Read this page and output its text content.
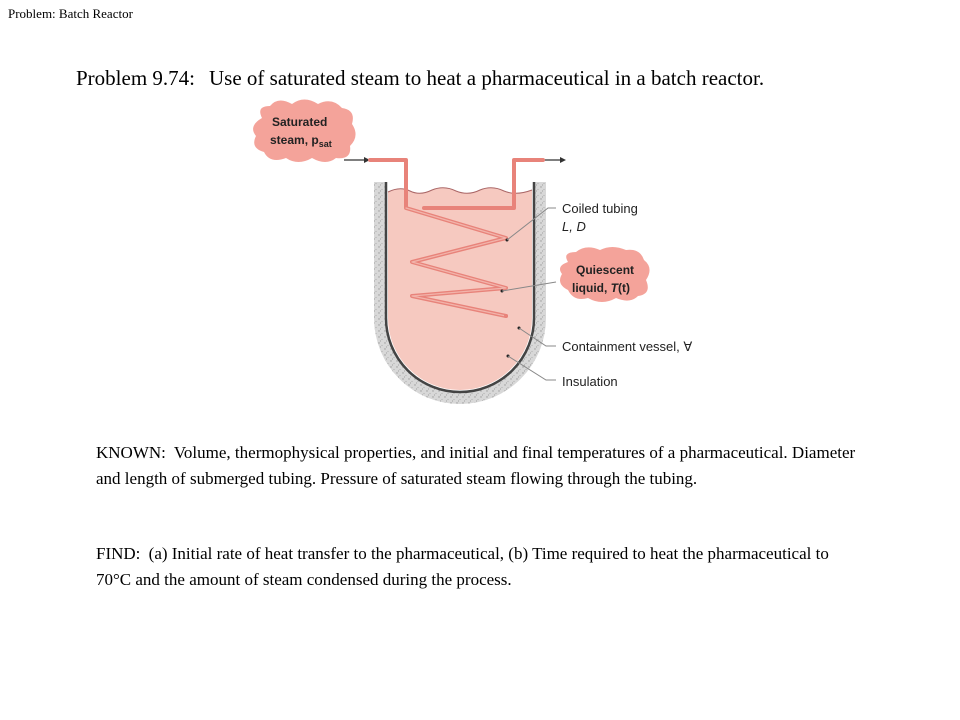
Problem: Batch Reactor
Problem 9.74: Use of saturated steam to heat a pharmaceutical in a batch reactor.
Saturated
steam, $p_{sat}$
Coiled tubing
L, D
Quiescent
liquid, T(t)
Containment vessel, ∀
Insulation
KNOWN: Volume, thermophysical properties, and initial and final temperatures of a pharmaceutical. Diameter and length of submerged tubing. Pressure of saturated steam flowing through the tubing.
FIND: (a) Initial rate of heat transfer to the pharmaceutical, (b) Time required to heat the pharmaceutical to 70°C and the amount of steam condensed during the process.
